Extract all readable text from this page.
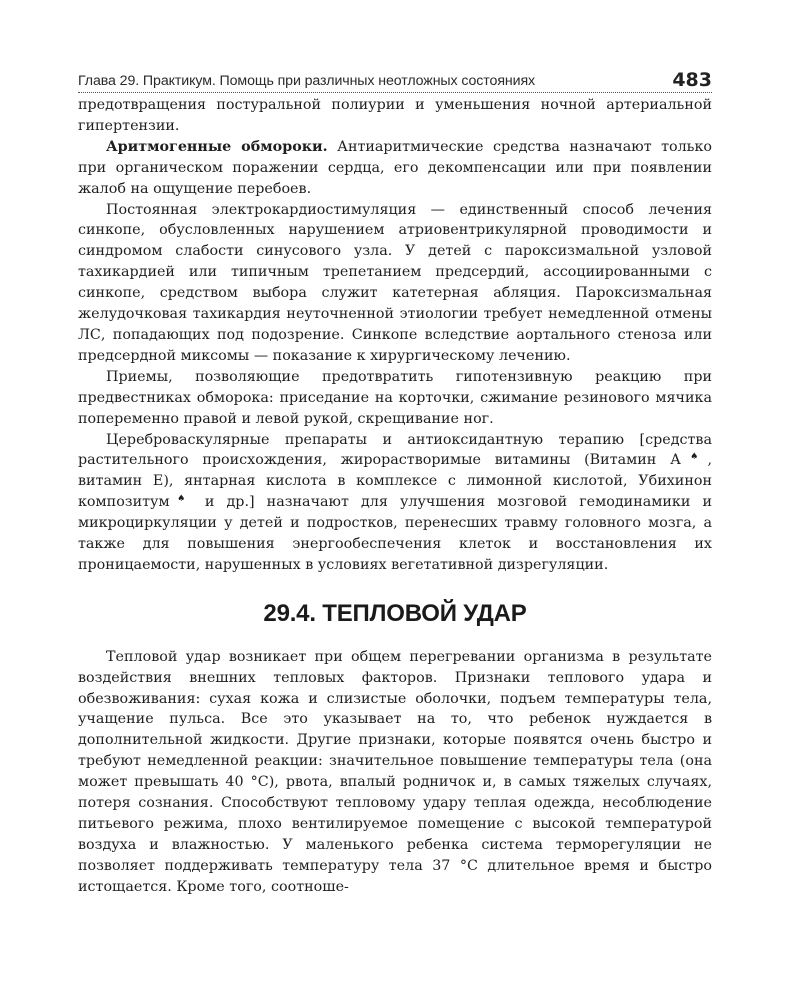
Глава 29. Практикум. Помощь при различных неотложных состояниях	483

предотвращения постуральной полиурии и уменьшения ночной артериальной гипертензии.

Аритмогенные обмороки. Антиаритмические средства назначают только при органическом поражении сердца, его декомпенсации или при появлении жалоб на ощущение перебоев.

Постоянная электрокардиостимуляция — единственный способ лечения синкопе, обусловленных нарушением атриовентрикулярной проводимости и синдромом слабости синусового узла. У детей с пароксизмальной узловой тахикардией или типичным трепетанием предсердий, ассоциированными с синкопе, средством выбора служит катетерная абляция. Пароксизмальная желудочковая тахикардия неуточненной этиологии требует немедленной отмены ЛС, попадающих под подозрение. Синкопе вследствие аортального стеноза или предсердной миксомы — показание к хирургическому лечению.

Приемы, позволяющие предотвратить гипотензивную реакцию при предвестниках обморока: приседание на корточки, сжимание резинового мячика попеременно правой и левой рукой, скрещивание ног.

Цереброваскулярные препараты и антиоксидантную терапию [средства растительного происхождения, жирорастворимые витамины (Витамин А♠, витамин Е), янтарная кислота в комплексе с лимонной кислотой, Убихинон композитум♠ и др.] назначают для улучшения мозговой гемодинамики и микроциркуляции у детей и подростков, перенесших травму головного мозга, а также для повышения энергообеспечения клеток и восстановления их проницаемости, нарушенных в условиях вегетативной дизрегуляции.

29.4. ТЕПЛОВОЙ УДАР

Тепловой удар возникает при общем перегревании организма в результате воздействия внешних тепловых факторов. Признаки теплового удара и обезвоживания: сухая кожа и слизистые оболочки, подъем температуры тела, учащение пульса. Все это указывает на то, что ребенок нуждается в дополнительной жидкости. Другие признаки, которые появятся очень быстро и требуют немедленной реакции: значительное повышение температуры тела (она может превышать 40 °С), рвота, впалый родничок и, в самых тяжелых случаях, потеря сознания. Способствуют тепловому удару теплая одежда, несоблюдение питьевого режима, плохо вентилируемое помещение с высокой температурой воздуха и влажностью. У маленького ребенка система терморегуляции не позволяет поддерживать температуру тела 37 °С длительное время и быстро истощается. Кроме того, соотноше-
